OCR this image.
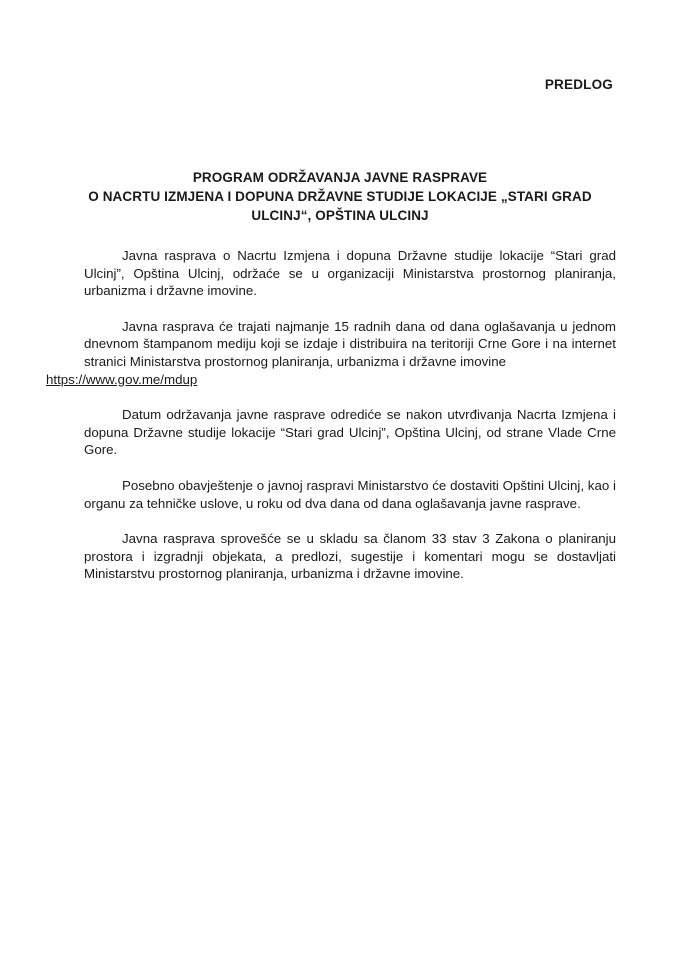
PREDLOG
PROGRAM ODRŽAVANJA JAVNE RASPRAVE
O NACRTU IZMJENA I DOPUNA DRŽAVNE STUDIJE LOKACIJE „STARI GRAD
ULCINJ“, OPŠTINA ULCINJ

Javna rasprava o Nacrtu Izmjena i dopuna Državne studije lokacije “Stari grad Ulcinj”, Opština Ulcinj, održaće se u organizaciji Ministarstva prostornog planiranja, urbanizma i državne imovine.

Javna rasprava će trajati najmanje 15 radnih dana od dana oglašavanja u jednom dnevnom štampanom mediju koji se izdaje i distribuira na teritoriji Crne Gore i na internet stranici Ministarstva prostornog planiranja, urbanizma i državne imovine
https://www.gov.me/mdup

Datum održavanja javne rasprave odrediće se nakon utvrđivanja Nacrta Izmjena i dopuna Državne studije lokacije “Stari grad Ulcinj”, Opština Ulcinj, od strane Vlade Crne Gore.

Posebno obavještenje o javnoj raspravi Ministarstvo će dostaviti Opštini Ulcinj, kao i organu za tehničke uslove, u roku od dva dana od dana oglašavanja javne rasprave.

Javna rasprava sprovešće se u skladu sa članom 33 stav 3 Zakona o planiranju prostora i izgradnji objekata, a predlozi, sugestije i komentari mogu se dostavljati Ministarstvu prostornog planiranja, urbanizma i državne imovine.
